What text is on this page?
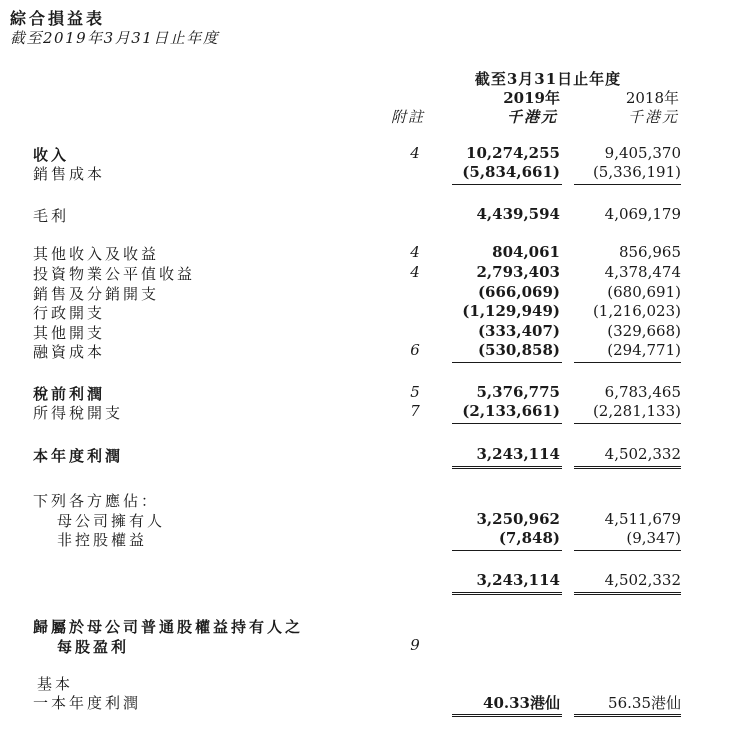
綜合損益表
截至2019年3月31日止年度
截至3月31日止年度
2019年	2018年
附註	千港元	千港元
收入	4	10,274,255	9,405,370
銷售成本	(5,834,661)	(5,336,191)
毛利	4,439,594	4,069,179
其他收入及收益	4	804,061	856,965
投資物業公平值收益	4	2,793,403	4,378,474
銷售及分銷開支	(666,069)	(680,691)
行政開支	(1,129,949)	(1,216,023)
其他開支	(333,407)	(329,668)
融資成本	6	(530,858)	(294,771)
稅前利潤	5	5,376,775	6,783,465
所得稅開支	7	(2,133,661)	(2,281,133)
本年度利潤	3,243,114	4,502,332
下列各方應佔：
母公司擁有人	3,250,962	4,511,679
非控股權益	(7,848)	(9,347)
3,243,114	4,502,332
歸屬於母公司普通股權益持有人之
每股盈利	9
基本
一本年度利潤	40.33港仙	56.35港仙
